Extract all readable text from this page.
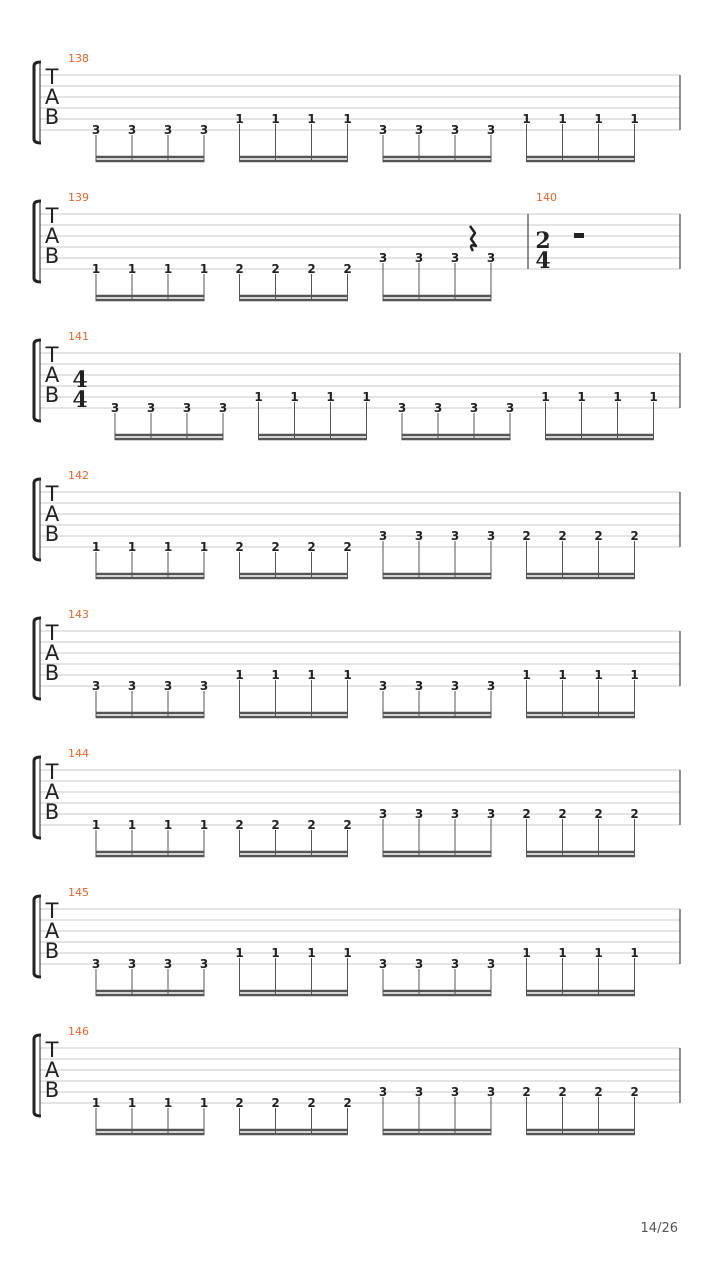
T
A
B
138
3 3 3 3
1 1 1 1
3 3 3 3
1 1 1 1
T
A
B
139
1 1 1 1 2 2 2 2
3 3 3 3
140
2
4
T
A
B
141
4
4 3 3 3 3
1 1 1 1
3 3 3 3
1 1 1 1
T
A
B
142
1 1 1 1 2 2 2 2
3 3 3 3 2 2 2 2
T
A
B
143
3 3 3 3
1 1 1 1
3 3 3 3
1 1 1 1
T
A
B
144
1 1 1 1 2 2 2 2
3 3 3 3 2 2 2 2
T
A
B
145
3 3 3 3
1 1 1 1
3 3 3 3
1 1 1 1
T
A
B
146
1 1 1 1 2 2 2 2
3 3 3 3 2 2 2 2
14/26
